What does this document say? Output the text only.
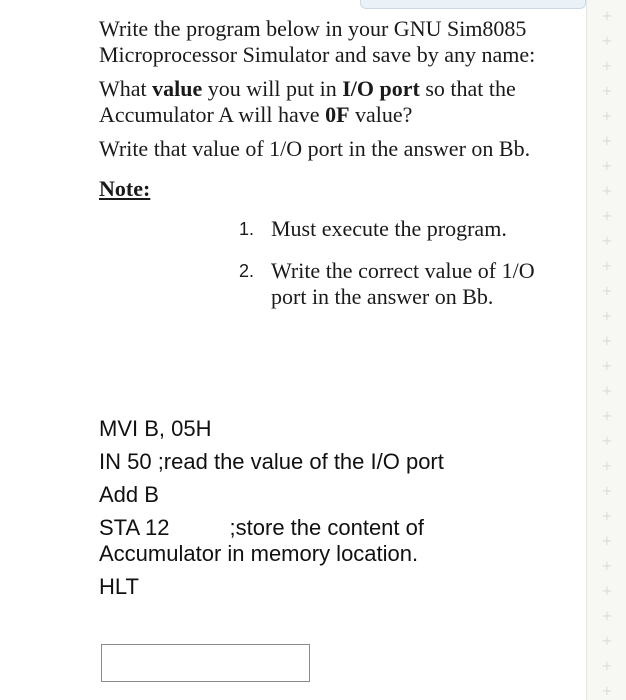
+
+
+
+
+
+
+
+
+
+
+
+
+
+
+
+
+
+
+
+
+
+
+
+
+
+
+
+

Write the program below in your GNU Sim8085 Microprocessor Simulator and save by any name:

What value you will put in I/O port so that the Accumulator A will have 0F value?

Write that value of 1/O port in the answer on Bb.

Note:
1. Must execute the program.
2. Write the correct value of 1/O port in the answer on Bb.
MVI B, 05H
IN 50 ;read the value of the I/O port
Add B
STA 12	;store the content of
Accumulator in memory location.
HLT
